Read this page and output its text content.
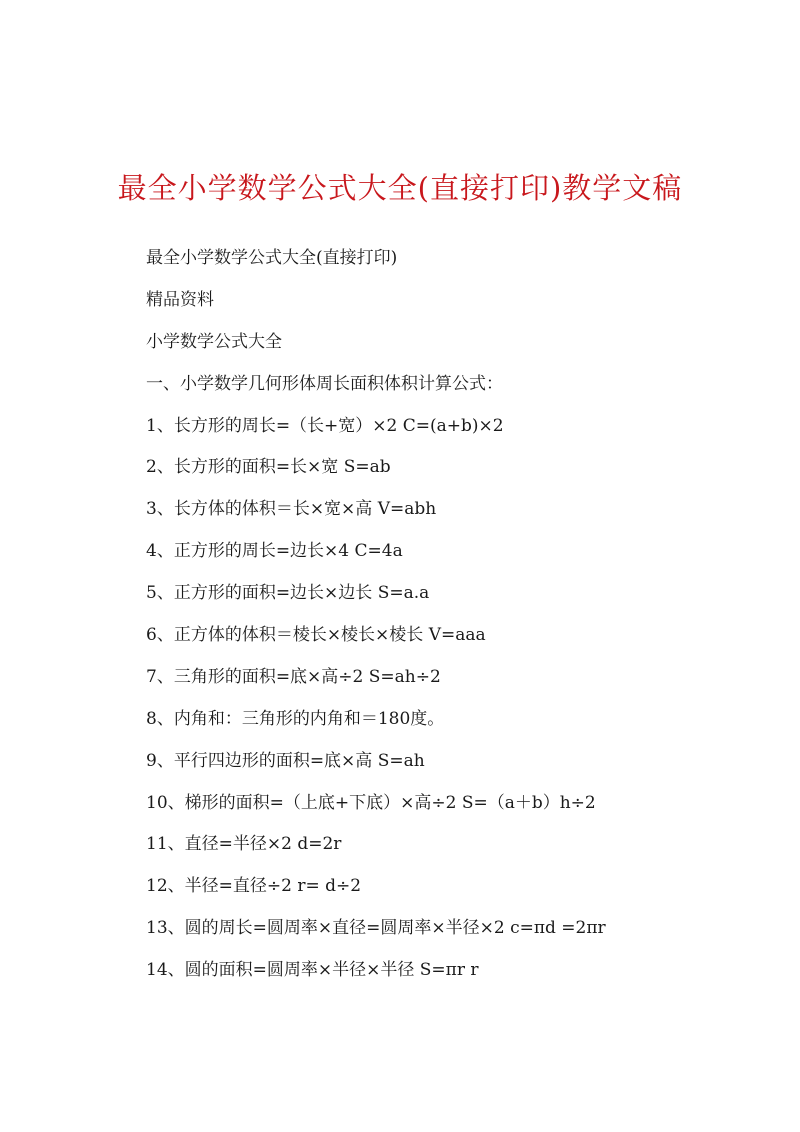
最全小学数学公式大全(直接打印)教学文稿
最全小学数学公式大全(直接打印)
精品资料
小学数学公式大全
一、小学数学几何形体周长面积体积计算公式：
1、长方形的周长=（长+宽）×2 C=(a+b)×2
2、长方形的面积=长×宽 S=ab
3、长方体的体积＝长×宽×高 V=abh
4、正方形的周长=边长×4 C=4a
5、正方形的面积=边长×边长 S=a.a
6、正方体的体积＝棱长×棱长×棱长 V=aaa
7、三角形的面积=底×高÷2 S=ah÷2
8、内角和：三角形的内角和＝180度。
9、平行四边形的面积=底×高 S=ah
10、梯形的面积=（上底+下底）×高÷2 S=（a＋b）h÷2
11、直径=半径×2 d=2r
12、半径=直径÷2 r= d÷2
13、圆的周长=圆周率×直径=圆周率×半径×2 c=πd =2πr
14、圆的面积=圆周率×半径×半径 S=πr r
